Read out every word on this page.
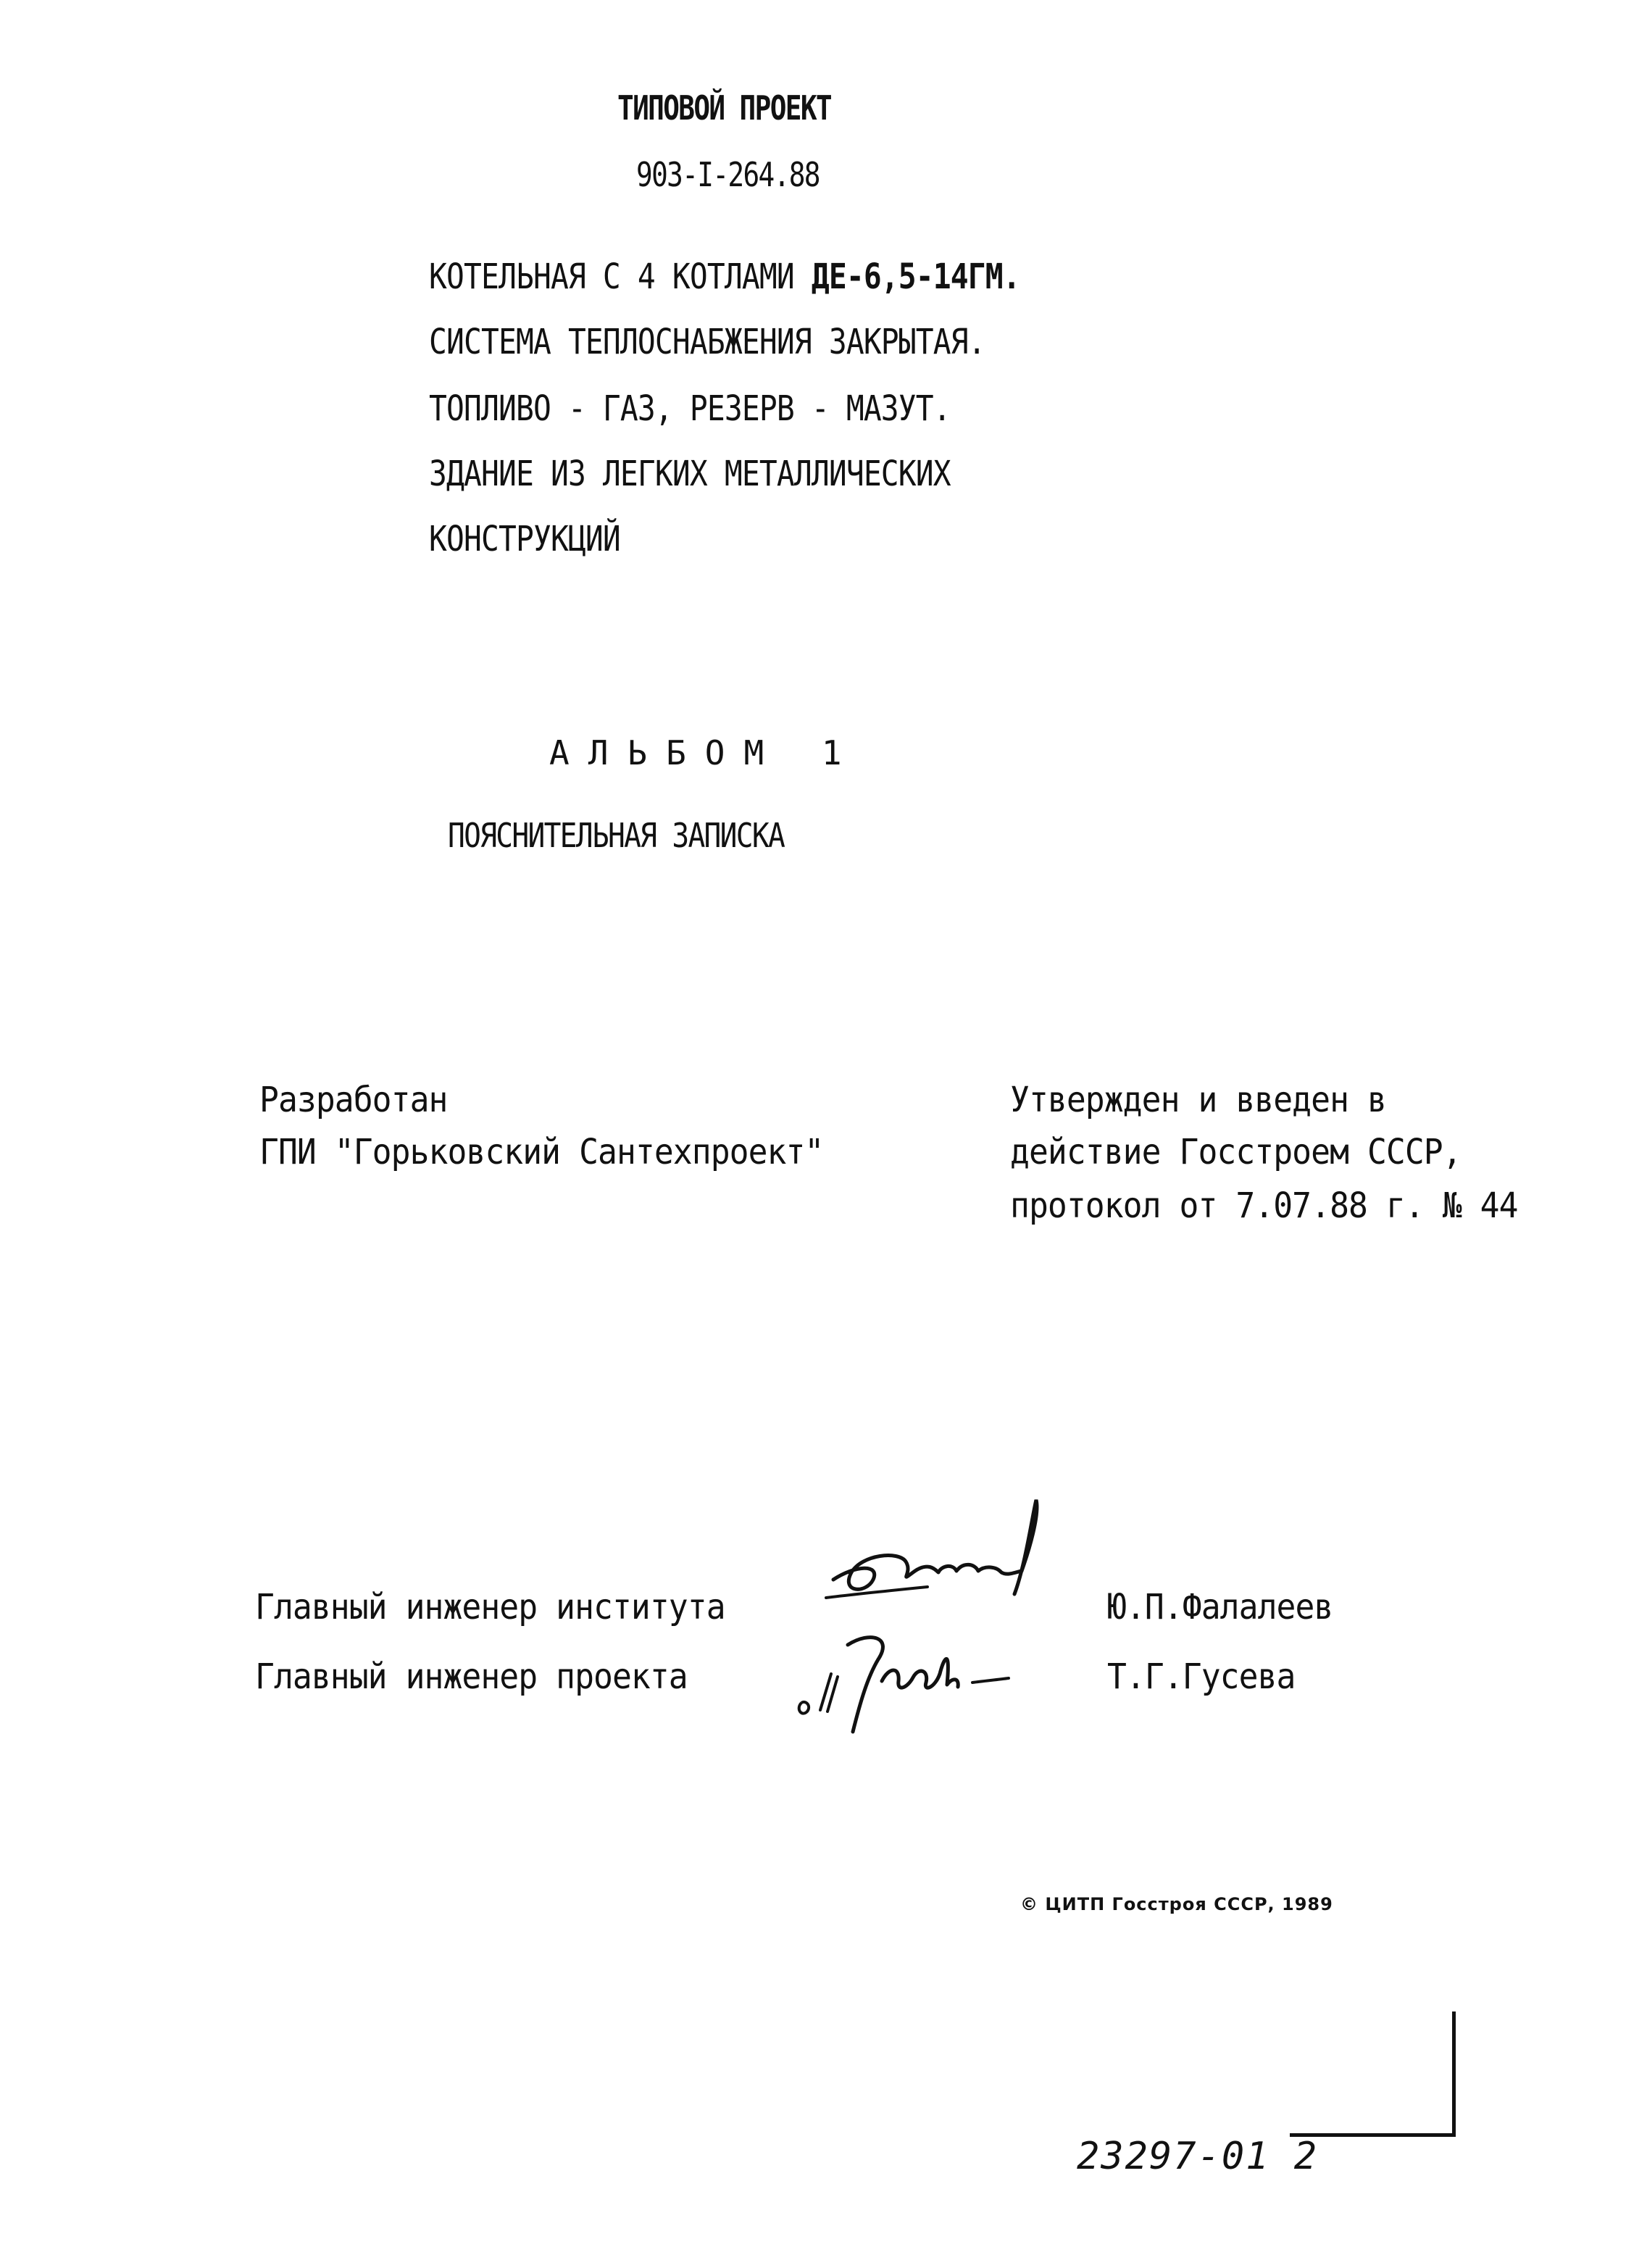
ТИПОВОЙ ПРОЕКТ
903-I-264.88
КОТЕЛЬНАЯ С 4 КОТЛАМИ ДЕ-6,5-14ГМ.
СИСТЕМА ТЕПЛОСНАБЖЕНИЯ ЗАКРЫТАЯ.
ТОПЛИВО - ГАЗ, РЕЗЕРВ - МАЗУТ.
ЗДАНИЕ ИЗ ЛЕГКИХ МЕТАЛЛИЧЕСКИХ
КОНСТРУКЦИЙ
АЛЬБОМ 1
ПОЯСНИТЕЛЬНАЯ ЗАПИСКА
Разработан
ГПИ "Горьковский Сантехпроект"
Утвержден и введен в
действие Госстроем СССР,
протокол от 7.07.88 г. № 44
Главный инженер института	Ю.П.Фалалеев
Главный инженер проекта	Т.Г.Гусева
© ЦИТП Госстроя СССР, 1989
23297-01 2
